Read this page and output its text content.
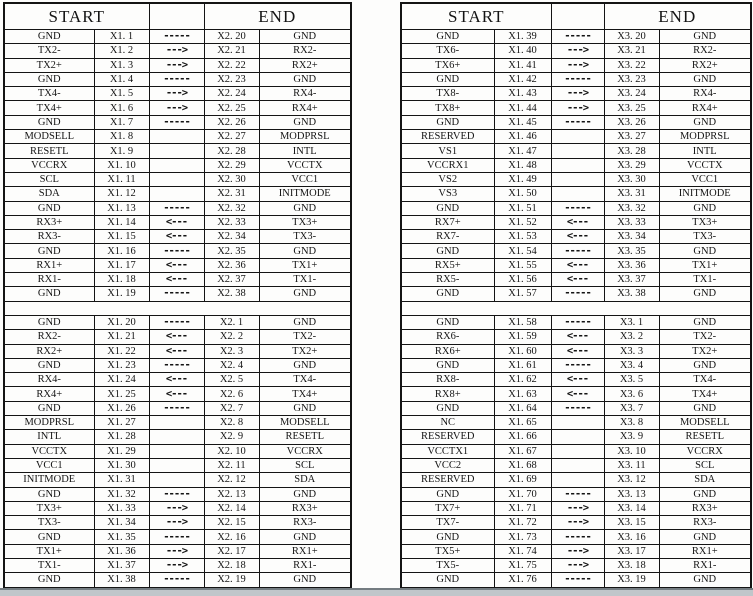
START			END	
GND	X1. 1	-----	X2. 20	GND
TX2-	X1. 2	--->	X2. 21	RX2-
TX2+	X1. 3	--->	X2. 22	RX2+
GND	X1. 4	-----	X2. 23	GND
TX4-	X1. 5	--->	X2. 24	RX4-
TX4+	X1. 6	--->	X2. 25	RX4+
GND	X1. 7	-----	X2. 26	GND
MODSELL	X1. 8		X2. 27	MODPRSL
RESETL	X1. 9		X2. 28	INTL
VCCRX	X1. 10		X2. 29	VCCTX
SCL	X1. 11		X2. 30	VCC1
SDA	X1. 12		X2. 31	INITMODE
GND	X1. 13	-----	X2. 32	GND
RX3+	X1. 14	<---	X2. 33	TX3+
RX3-	X1. 15	<---	X2. 34	TX3-
GND	X1. 16	-----	X2. 35	GND
RX1+	X1. 17	<---	X2. 36	TX1+
RX1-	X1. 18	<---	X2. 37	TX1-
GND	X1. 19	-----	X2. 38	GND

GND	X1. 20	-----	X2. 1	GND
RX2-	X1. 21	<---	X2. 2	TX2-
RX2+	X1. 22	<---	X2. 3	TX2+
GND	X1. 23	-----	X2. 4	GND
RX4-	X1. 24	<---	X2. 5	TX4-
RX4+	X1. 25	<---	X2. 6	TX4+
GND	X1. 26	-----	X2. 7	GND
MODPRSL	X1. 27		X2. 8	MODSELL
INTL	X1. 28		X2. 9	RESETL
VCCTX	X1. 29		X2. 10	VCCRX
VCC1	X1. 30		X2. 11	SCL
INITMODE	X1. 31		X2. 12	SDA
GND	X1. 32	-----	X2. 13	GND
TX3+	X1. 33	--->	X2. 14	RX3+
TX3-	X1. 34	--->	X2. 15	RX3-
GND	X1. 35	-----	X2. 16	GND
TX1+	X1. 36	--->	X2. 17	RX1+
TX1-	X1. 37	--->	X2. 18	RX1-
GND	X1. 38	-----	X2. 19	GND
START			END	
GND	X1. 39	-----	X3. 20	GND
TX6-	X1. 40	--->	X3. 21	RX2-
TX6+	X1. 41	--->	X3. 22	RX2+
GND	X1. 42	-----	X3. 23	GND
TX8-	X1. 43	--->	X3. 24	RX4-
TX8+	X1. 44	--->	X3. 25	RX4+
GND	X1. 45	-----	X3. 26	GND
RESERVED	X1. 46		X3. 27	MODPRSL
VS1	X1. 47		X3. 28	INTL
VCCRX1	X1. 48		X3. 29	VCCTX
VS2	X1. 49		X3. 30	VCC1
VS3	X1. 50		X3. 31	INITMODE
GND	X1. 51	-----	X3. 32	GND
RX7+	X1. 52	<---	X3. 33	TX3+
RX7-	X1. 53	<---	X3. 34	TX3-
GND	X1. 54	-----	X3. 35	GND
RX5+	X1. 55	<---	X3. 36	TX1+
RX5-	X1. 56	<---	X3. 37	TX1-
GND	X1. 57	-----	X3. 38	GND

GND	X1. 58	-----	X3. 1	GND
RX6-	X1. 59	<---	X3. 2	TX2-
RX6+	X1. 60	<---	X3. 3	TX2+
GND	X1. 61	-----	X3. 4	GND
RX8-	X1. 62	<---	X3. 5	TX4-
RX8+	X1. 63	<---	X3. 6	TX4+
GND	X1. 64	-----	X3. 7	GND
NC	X1. 65		X3. 8	MODSELL
RESERVED	X1. 66		X3. 9	RESETL
VCCTX1	X1. 67		X3. 10	VCCRX
VCC2	X1. 68		X3. 11	SCL
RESERVED	X1. 69		X3. 12	SDA
GND	X1. 70	-----	X3. 13	GND
TX7+	X1. 71	--->	X3. 14	RX3+
TX7-	X1. 72	--->	X3. 15	RX3-
GND	X1. 73	-----	X3. 16	GND
TX5+	X1. 74	--->	X3. 17	RX1+
TX5-	X1. 75	--->	X3. 18	RX1-
GND	X1. 76	-----	X3. 19	GND
